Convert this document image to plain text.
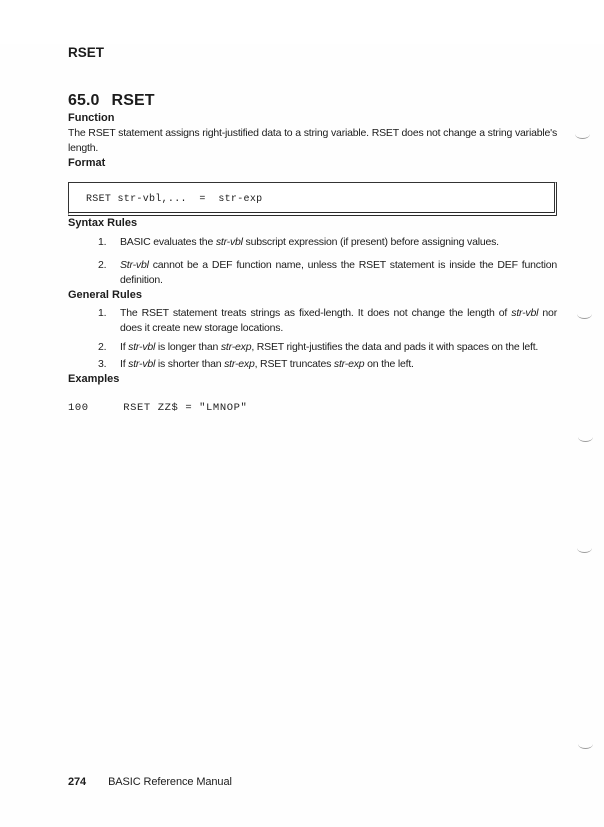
RSET
65.0 RSET
Function

The RSET statement assigns right-justified data to a string variable. RSET does not change a string variable's length.

Format
RSET str-vbl,...  =  str-exp
Syntax Rules
1.	BASIC evaluates the str-vbl subscript expression (if present) before assigning values.
2.	Str-vbl cannot be a DEF function name, unless the RSET statement is inside the DEF function definition.
General Rules
1.	The RSET statement treats strings as fixed-length. It does not change the length of str-vbl nor does it create new storage locations.
2.	If str-vbl is longer than str-exp, RSET right-justifies the data and pads it with spaces on the left.
3.	If str-vbl is shorter than str-exp, RSET truncates str-exp on the left.
Examples
100     RSET ZZ$ = "LMNOP"
274 BASIC Reference Manual
